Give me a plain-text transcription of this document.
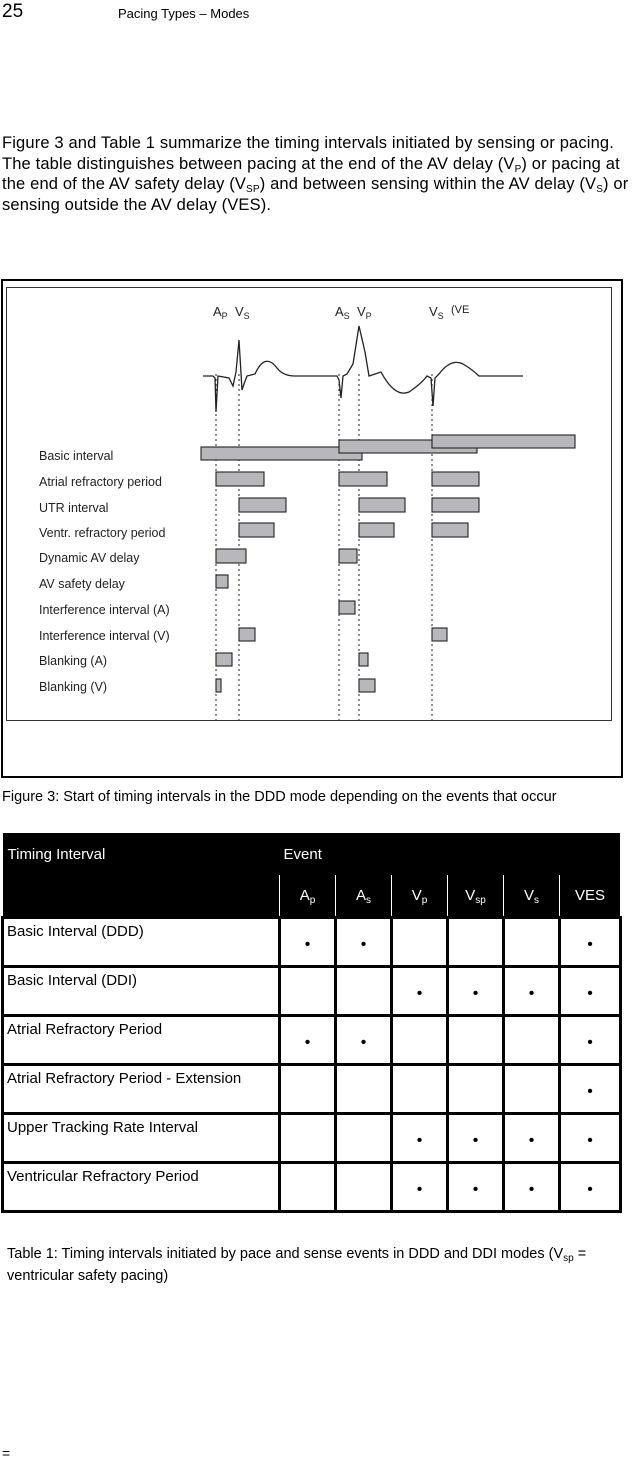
25	Pacing Types – Modes

Figure 3 and Table 1 summarize the timing intervals initiated by sensing or pacing. The table distinguishes between pacing at the end of the AV delay $(V_P)$ or pacing at the end of the AV safety delay $(V_{SP})$ and between sensing within the AV delay $(V_S)$ or sensing outside the AV delay (VES).

$A_P$ $V_S$	$A_S$ $V_P$	$V_S$ (VE
Basic interval
Atrial refractory period
UTR interval
Ventr. refractory period
Dynamic AV delay
AV safety delay
Interference interval (A)
Interference interval (V)
Blanking (A)
Blanking (V)
Figure 3: Start of timing intervals in the DDD mode depending on the events that occur
Timing Interval	Event					
	$A_p$	$A_s$	$V_p$	$V_{sp}$	$V_s$	VES
Basic Interval (DDD)	•	•				•
Basic Interval (DDI)			•	•	•	•
Atrial Refractory Period	•	•				•
Atrial Refractory Period - Extension						•
Upper Tracking Rate Interval			•	•	•	•
Ventricular Refractory Period			•	•	•	•
Table 1: Timing intervals initiated by pace and sense events in DDD and DDI modes ($V_{sp}$ = ventricular safety pacing)
=
